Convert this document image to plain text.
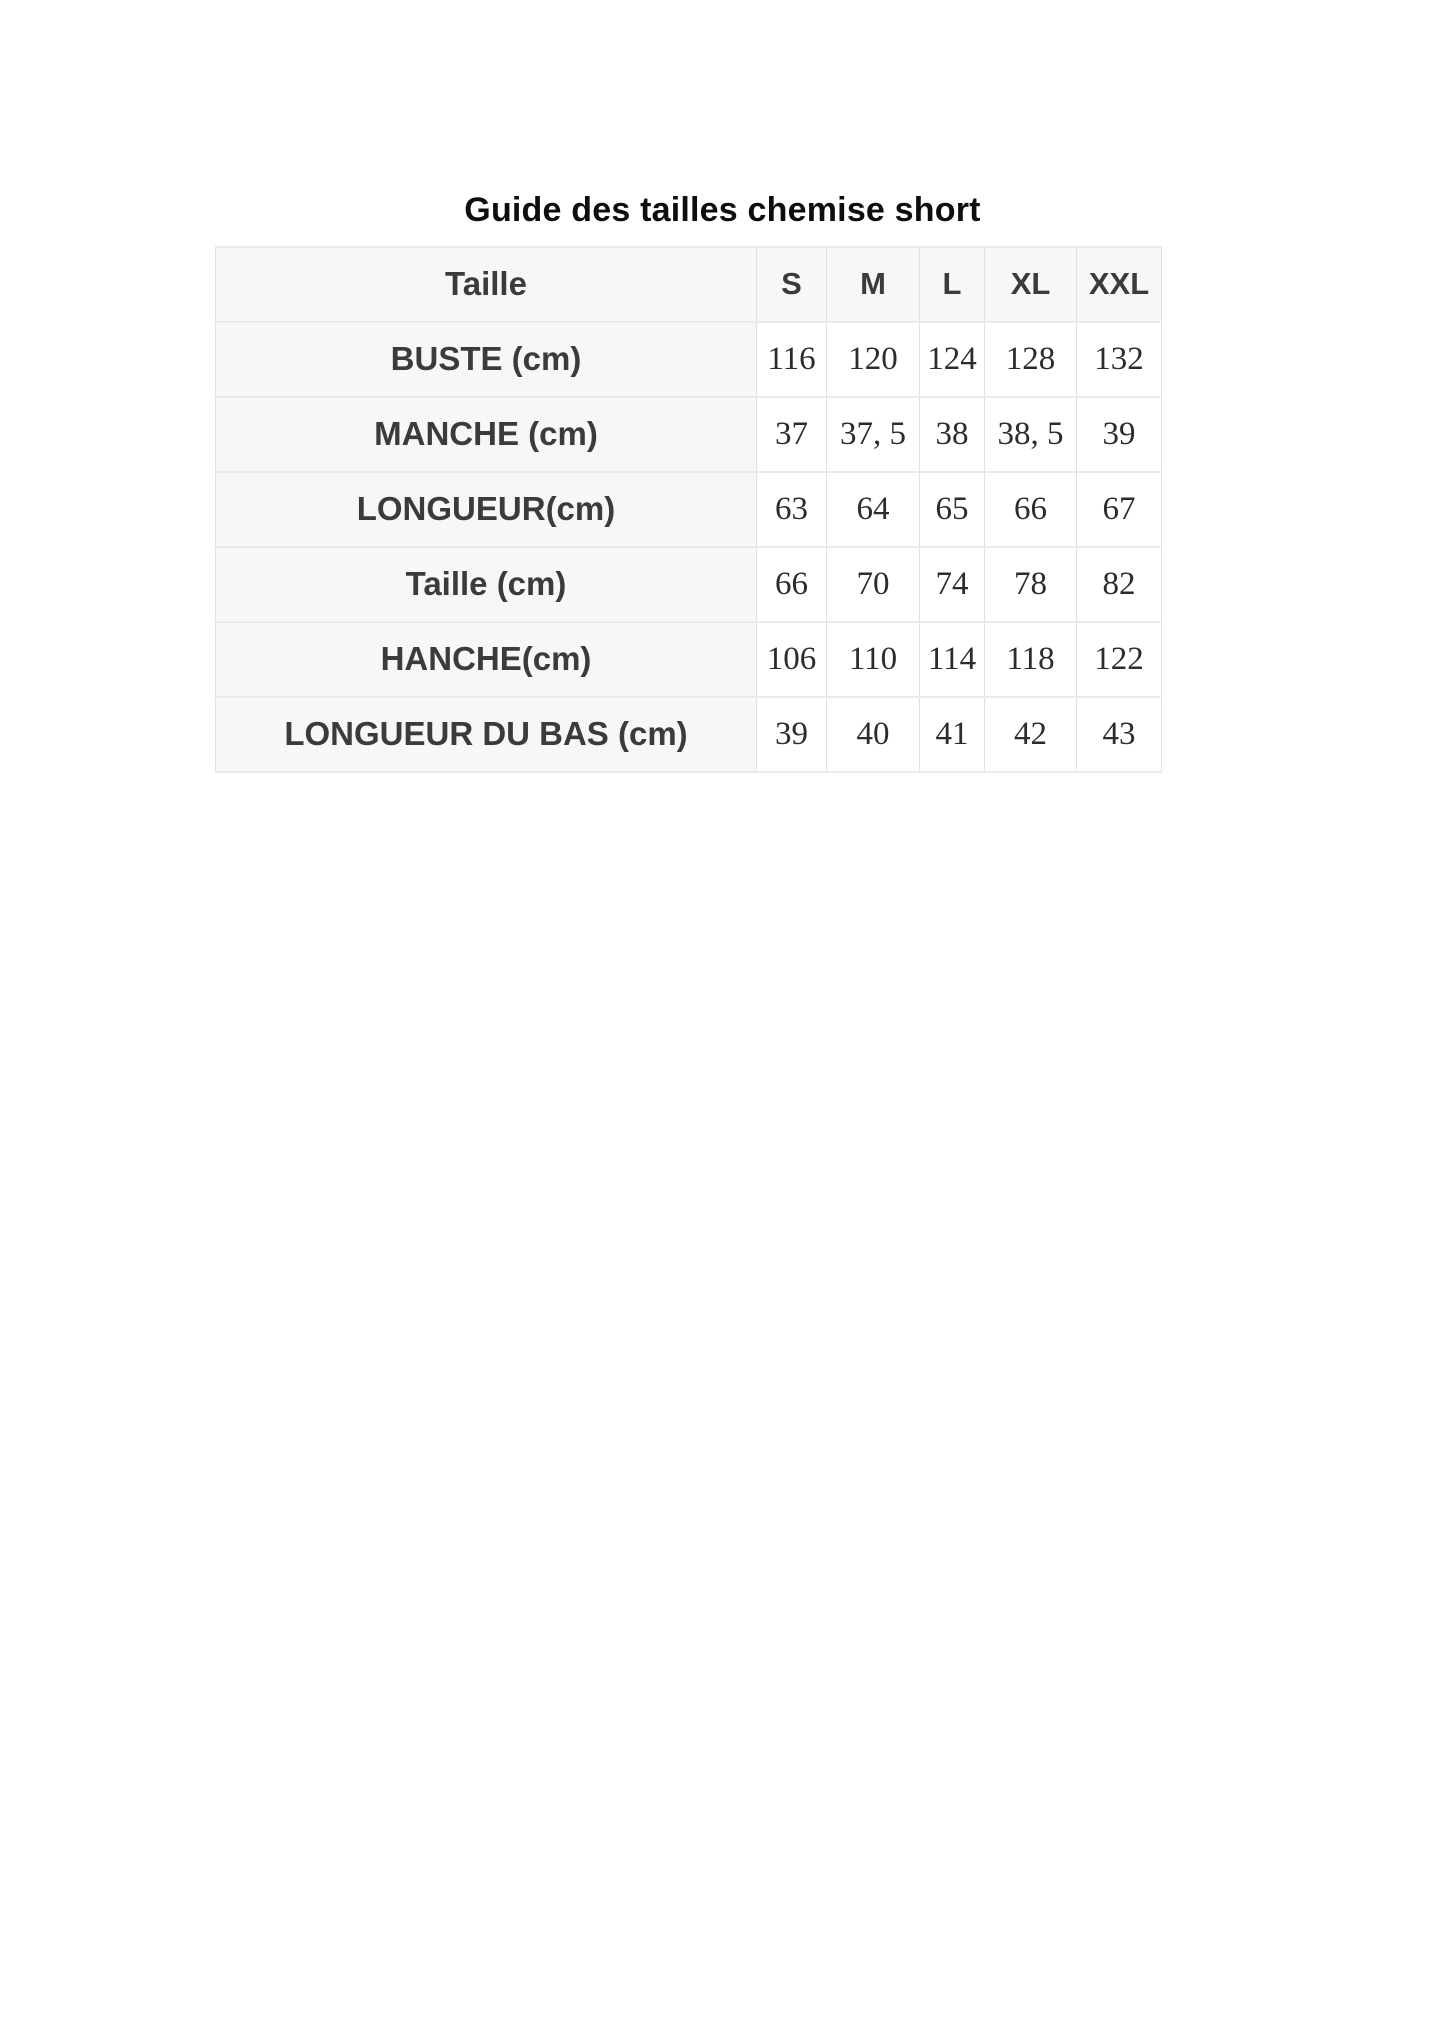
Guide des tailles chemise short
Taille	S	M	L	XL	XXL
BUSTE (cm)	116	120	124	128	132
MANCHE (cm)	37	37, 5	38	38, 5	39
LONGUEUR(cm)	63	64	65	66	67
Taille (cm)	66	70	74	78	82
HANCHE(cm)	106	110	114	118	122
LONGUEUR DU BAS (cm)	39	40	41	42	43
